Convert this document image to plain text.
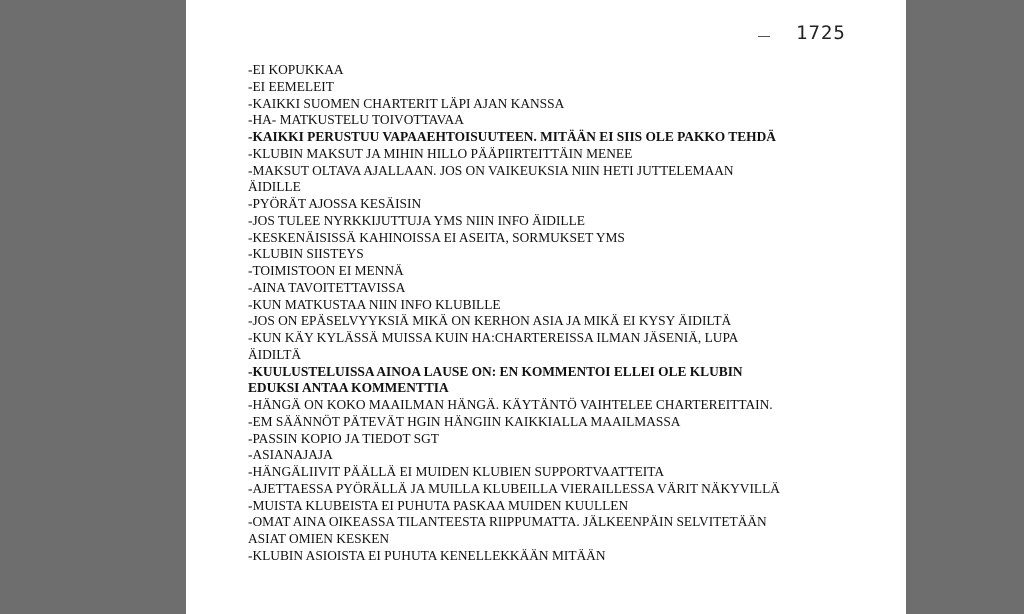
1725
-EI KOPUKKAA
-EI EEMELEIT
-KAIKKI SUOMEN CHARTERIT LÄPI AJAN KANSSA
-HA- MATKUSTELU TOIVOTTAVAA
-KAIKKI PERUSTUU VAPAAEHTOISUUTEEN. MITÄÄN EI SIIS OLE PAKKO TEHDÄ
-KLUBIN MAKSUT JA MIHIN HILLO PÄÄPIIRTEITTÄIN MENEE
-MAKSUT OLTAVA AJALLAAN. JOS ON VAIKEUKSIA NIIN HETI JUTTELEMAAN
ÄIDILLE
-PYÖRÄT AJOSSA KESÄISIN
-JOS TULEE NYRKKIJUTTUJA YMS NIIN INFO ÄIDILLE
-KESKENÄISISSÄ KAHINOISSA EI ASEITA, SORMUKSET YMS
-KLUBIN SIISTEYS
-TOIMISTOON EI MENNÄ
-AINA TAVOITETTAVISSA
-KUN MATKUSTAA NIIN INFO KLUBILLE
-JOS ON EPÄSELVYYKSIÄ MIKÄ ON KERHON ASIA JA MIKÄ EI KYSY ÄIDILTÄ
-KUN KÄY KYLÄSSÄ MUISSA KUIN HA:CHARTEREISSA ILMAN JÄSENIÄ, LUPA
ÄIDILTÄ
-KUULUSTELUISSA AINOA LAUSE ON: EN KOMMENTOI ELLEI OLE KLUBIN
EDUKSI ANTAA KOMMENTTIA
-HÄNGÄ ON KOKO MAAILMAN HÄNGÄ. KÄYTÄNTÖ VAIHTELEE CHARTEREITTAIN.
-EM SÄÄNNÖT PÄTEVÄT HGIN HÄNGIIN KAIKKIALLA MAAILMASSA
-PASSIN KOPIO JA TIEDOT SGT
-ASIANAJAJA
-HÄNGÄLIIVIT PÄÄLLÄ EI MUIDEN KLUBIEN SUPPORTVAATTEITA
-AJETTAESSA PYÖRÄLLÄ JA MUILLA KLUBEILLA VIERAILLESSA VÄRIT NÄKYVILLÄ
-MUISTA KLUBEISTA EI PUHUTA PASKAA MUIDEN KUULLEN
-OMAT AINA OIKEASSA TILANTEESTA RIIPPUMATTA. JÄLKEENPÄIN SELVITETÄÄN
ASIAT OMIEN KESKEN
-KLUBIN ASIOISTA EI PUHUTA KENELLEKKÄÄN MITÄÄN
